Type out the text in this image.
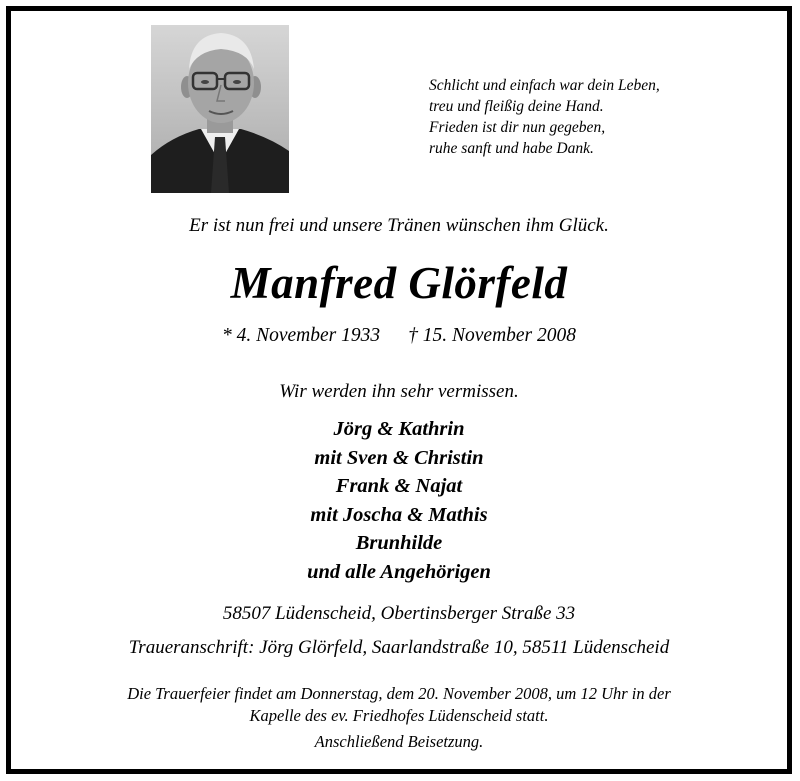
Schlicht und einfach war dein Leben,
treu und fleißig deine Hand.
Frieden ist dir nun gegeben,
ruhe sanft und habe Dank.
Er ist nun frei und unsere Tränen wünschen ihm Glück.
Manfred Glörfeld
* 4. November 1933 † 15. November 2008
Wir werden ihn sehr vermissen.
Jörg & Kathrin
mit Sven & Christin
Frank & Najat
mit Joscha & Mathis
Brunhilde
und alle Angehörigen
58507 Lüdenscheid, Obertinsberger Straße 33
Traueranschrift: Jörg Glörfeld, Saarlandstraße 10, 58511 Lüdenscheid
Die Trauerfeier findet am Donnerstag, dem 20. November 2008, um 12 Uhr in der
Kapelle des ev. Friedhofes Lüdenscheid statt.
Anschließend Beisetzung.
